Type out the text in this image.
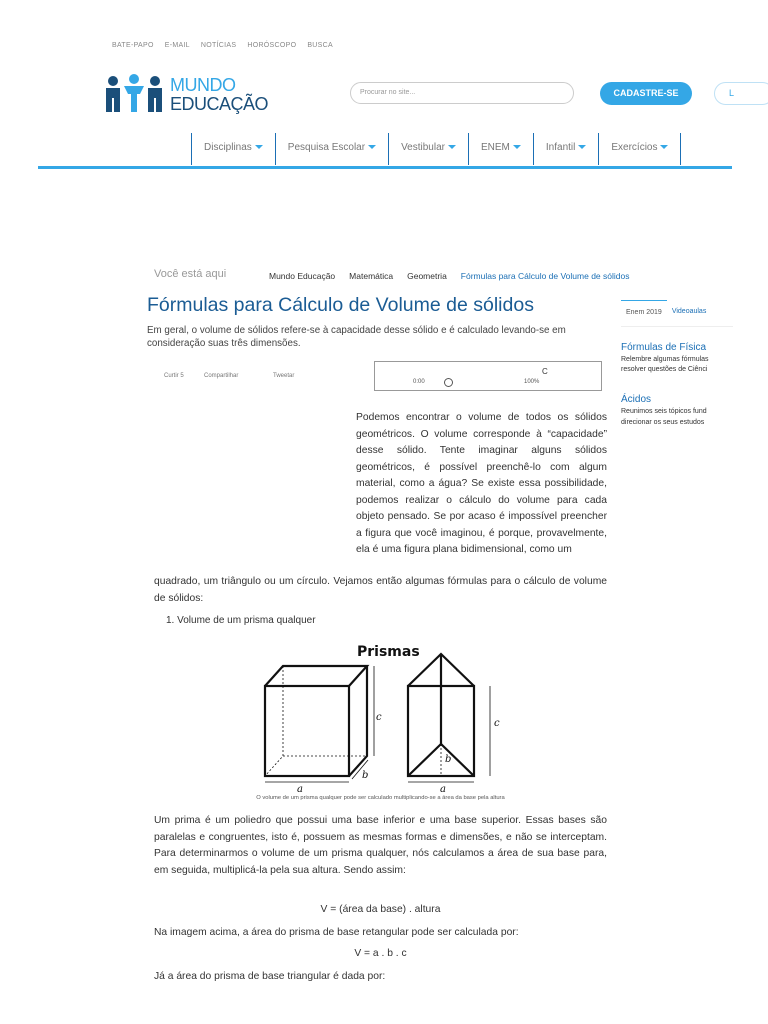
BATE-PAPO E-MAIL NOTÍCIAS HORÓSCOPO BUSCA
MUNDO
EDUCAÇÃO
Procurar no site...	CADASTRE-SE	L
Disciplinas	Pesquisa Escolar	Vestibular	ENEM	Infantil	Exercícios
Você está aqui	Mundo Educação Matemática Geometria Fórmulas para Cálculo de Volume de sólidos
Fórmulas para Cálculo de Volume de sólidos
Em geral, o volume de sólidos refere-se à capacidade desse sólido e é calculado levando-se em consideração suas três dimensões.
Curtir 5	Compartilhar	Tweetar	C
0:00	100%
Podemos encontrar o volume de todos os sólidos geométricos. O volume corresponde à “capacidade” desse sólido. Tente imaginar alguns sólidos geométricos, é possível preenchê-lo com algum material, como a água? Se existe essa possibilidade, podemos realizar o cálculo do volume para cada objeto pensado. Se por acaso é impossível preencher a figura que você imaginou, é porque, provavelmente, ela é uma figura plana bidimensional, como um
quadrado, um triângulo ou um círculo. Vejamos então algumas fórmulas para o cálculo de volume de sólidos:
1. Volume de um prisma qualquer
Prismas
c
b
a
c
b
a
O volume de um prisma qualquer pode ser calculado multiplicando-se a área da base pela altura
Um prima é um poliedro que possui uma base inferior e uma base superior. Essas bases são paralelas e congruentes, isto é, possuem as mesmas formas e dimensões, e não se interceptam. Para determinarmos o volume de um prisma qualquer, nós calculamos a área de sua base para, em seguida, multiplicá-la pela sua altura. Sendo assim:
V = (área da base) . altura
Na imagem acima, a área do prisma de base retangular pode ser calculada por:
V = a . b . c
Já a área do prisma de base triangular é dada por:
Enem 2019	Videoaulas
Fórmulas de Física
Relembre algumas fórmulas
resolver questões de Ciênci
Ácidos
Reunimos seis tópicos fund
direcionar os seus estudos
